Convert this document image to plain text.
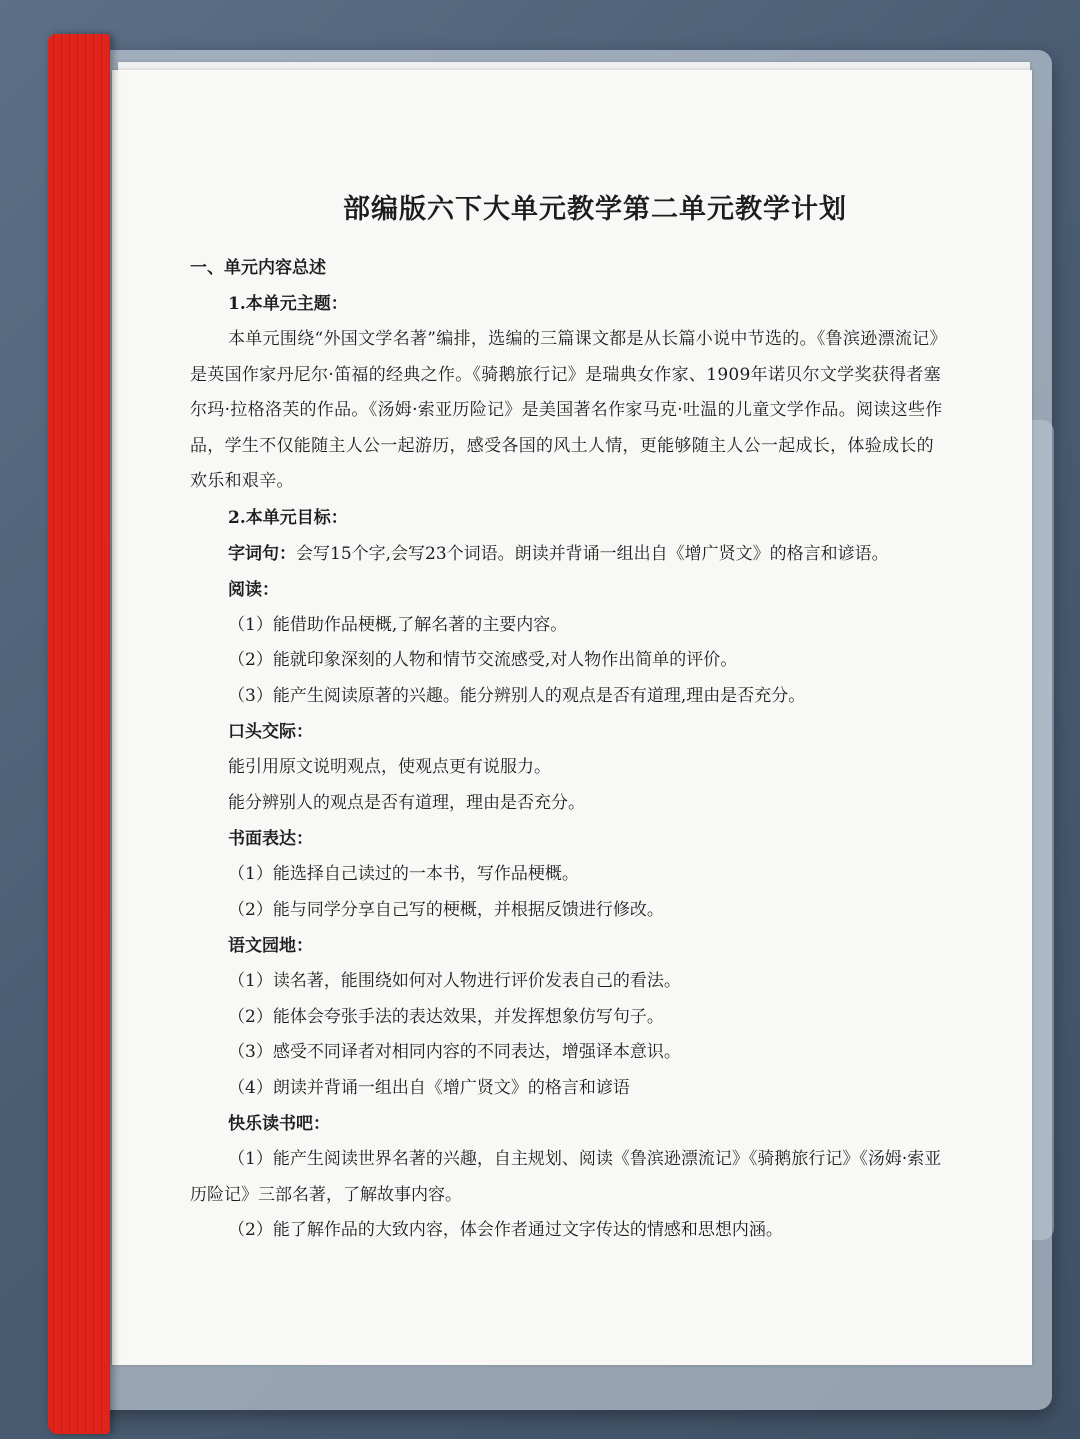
部编版六下大单元教学第二单元教学计划
一、单元内容总述
1.本单元主题：
本单元围绕“外国文学名著”编排，选编的三篇课文都是从长篇小说中节选的。《鲁滨逊漂流记》是英国作家丹尼尔·笛福的经典之作。《骑鹅旅行记》是瑞典女作家、1909年诺贝尔文学奖获得者塞尔玛·拉格洛芙的作品。《汤姆·索亚历险记》是美国著名作家马克·吐温的儿童文学作品。阅读这些作品，学生不仅能随主人公一起游历，感受各国的风土人情，更能够随主人公一起成长，体验成长的欢乐和艰辛。
2.本单元目标：
字词句：会写15个字,会写23个词语。朗读并背诵一组出自《增广贤文》的格言和谚语。
阅读：
（1）能借助作品梗概,了解名著的主要内容。
（2）能就印象深刻的人物和情节交流感受,对人物作出简单的评价。
（3）能产生阅读原著的兴趣。能分辨别人的观点是否有道理,理由是否充分。
口头交际：
能引用原文说明观点，使观点更有说服力。
能分辨别人的观点是否有道理，理由是否充分。
书面表达：
（1）能选择自己读过的一本书，写作品梗概。
（2）能与同学分享自己写的梗概，并根据反馈进行修改。
语文园地：
（1）读名著，能围绕如何对人物进行评价发表自己的看法。
（2）能体会夸张手法的表达效果，并发挥想象仿写句子。
（3）感受不同译者对相同内容的不同表达，增强译本意识。
（4）朗读并背诵一组出自《增广贤文》的格言和谚语
快乐读书吧：
（1）能产生阅读世界名著的兴趣，自主规划、阅读《鲁滨逊漂流记》《骑鹅旅行记》《汤姆·索亚历险记》三部名著，了解故事内容。
（2）能了解作品的大致内容，体会作者通过文字传达的情感和思想内涵。
